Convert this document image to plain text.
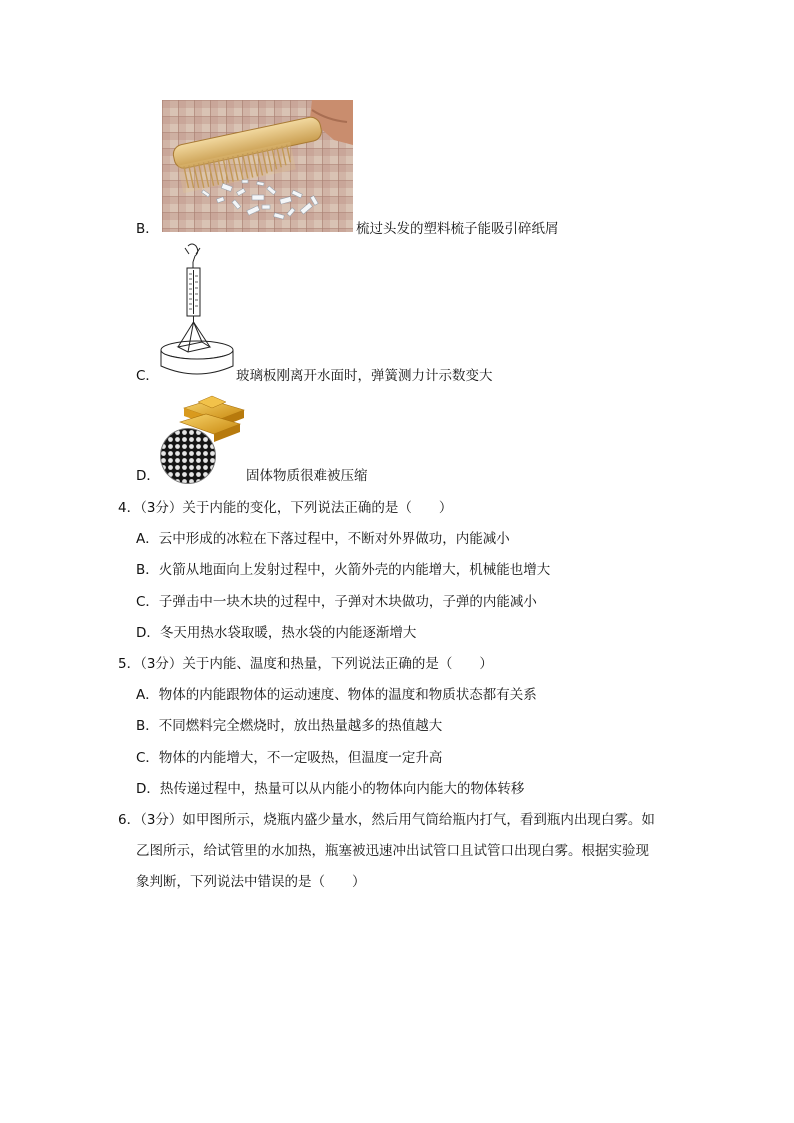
B．	梳过头发的塑料梳子能吸引碎纸屑
C．	玻璃板刚离开水面时，弹簧测力计示数变大
D．	固体物质很难被压缩
4．（3分）关于内能的变化，下列说法正确的是（　　）
A．云中形成的冰粒在下落过程中，不断对外界做功，内能减小
B．火箭从地面向上发射过程中，火箭外壳的内能增大，机械能也增大
C．子弹击中一块木块的过程中，子弹对木块做功，子弹的内能减小
D．冬天用热水袋取暖，热水袋的内能逐渐增大
5．（3分）关于内能、温度和热量，下列说法正确的是（　　）
A．物体的内能跟物体的运动速度、物体的温度和物质状态都有关系
B．不同燃料完全燃烧时，放出热量越多的热值越大
C．物体的内能增大，不一定吸热，但温度一定升高
D．热传递过程中，热量可以从内能小的物体向内能大的物体转移
6．（3分）如甲图所示，烧瓶内盛少量水，然后用气筒给瓶内打气，看到瓶内出现白雾。如
乙图所示，给试管里的水加热，瓶塞被迅速冲出试管口且试管口出现白雾。根据实验现
象判断，下列说法中错误的是（　　）
